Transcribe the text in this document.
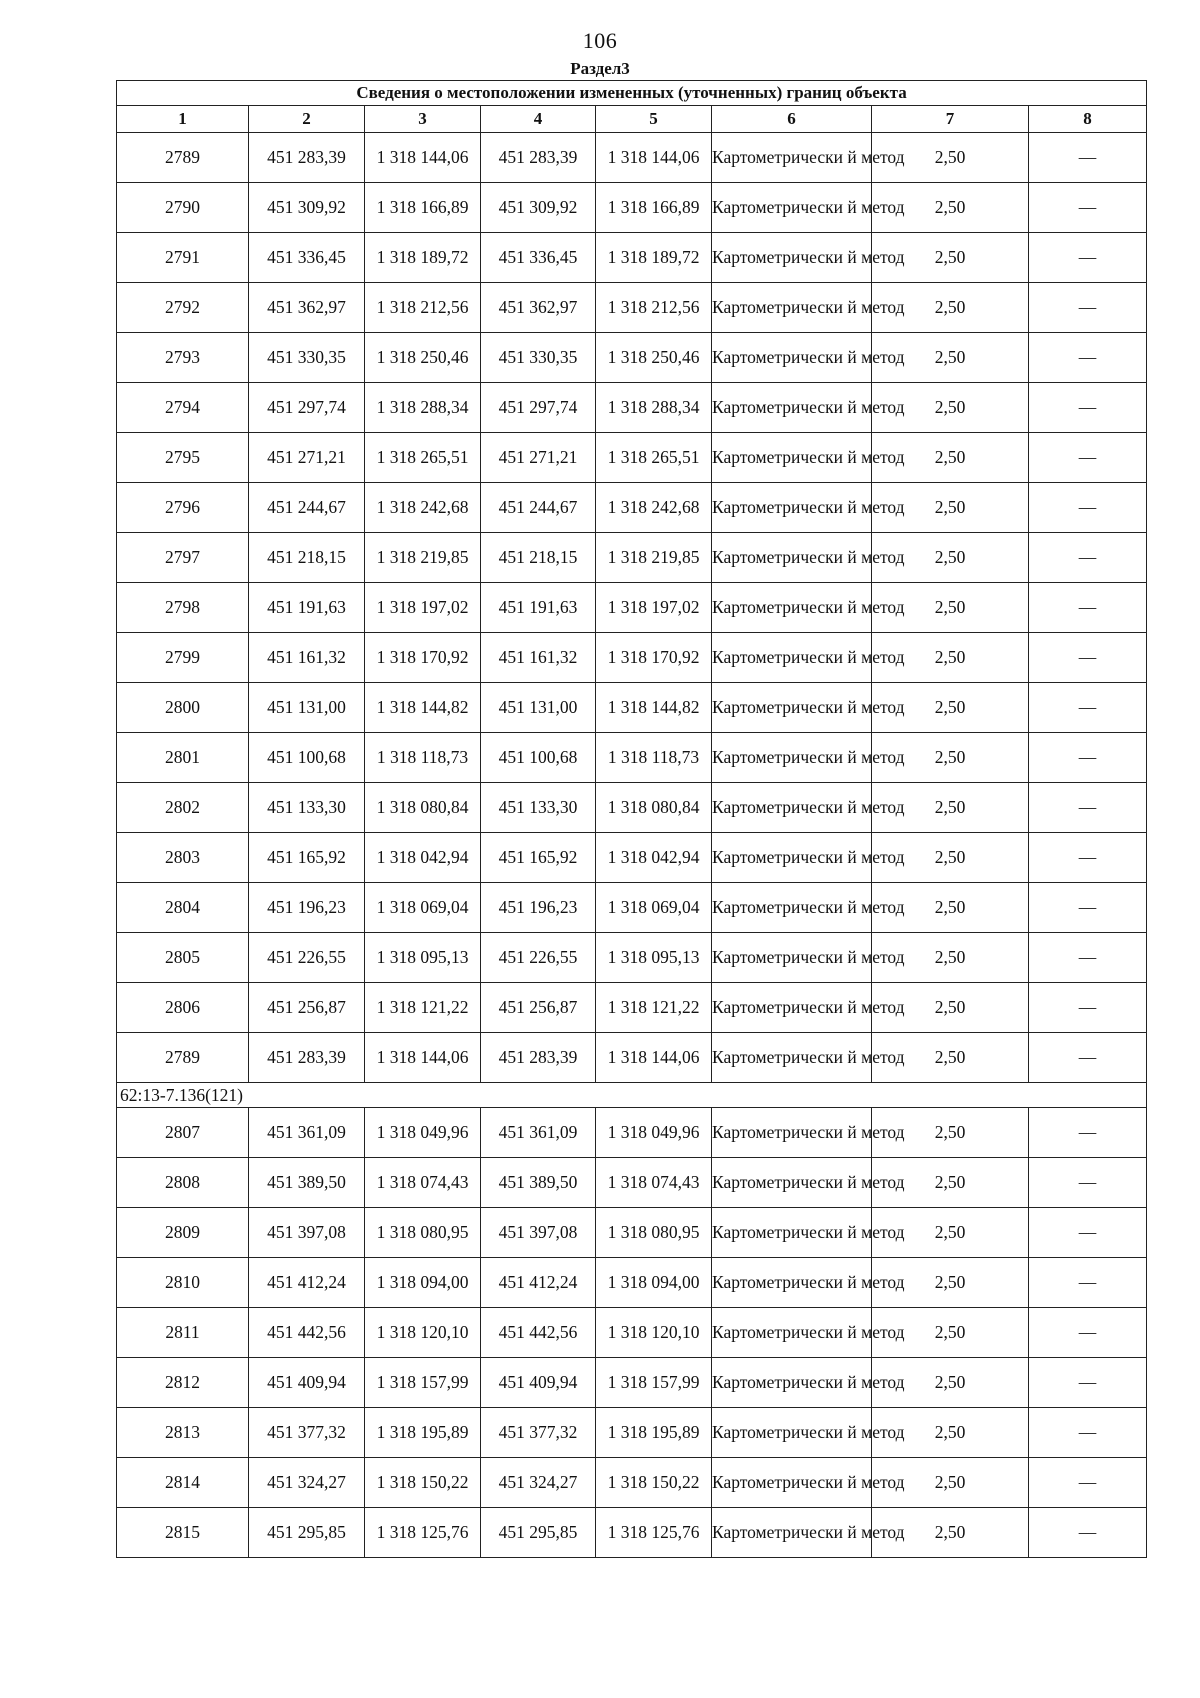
106
Раздел3
Сведения о местоположении измененных (уточненных) границ объекта							
1	2	3	4	5	6	7	8
2789	451 283,39	1 318 144,06	451 283,39	1 318 144,06	Картометрически й метод	2,50	—
2790	451 309,92	1 318 166,89	451 309,92	1 318 166,89	Картометрически й метод	2,50	—
2791	451 336,45	1 318 189,72	451 336,45	1 318 189,72	Картометрически й метод	2,50	—
2792	451 362,97	1 318 212,56	451 362,97	1 318 212,56	Картометрически й метод	2,50	—
2793	451 330,35	1 318 250,46	451 330,35	1 318 250,46	Картометрически й метод	2,50	—
2794	451 297,74	1 318 288,34	451 297,74	1 318 288,34	Картометрически й метод	2,50	—
2795	451 271,21	1 318 265,51	451 271,21	1 318 265,51	Картометрически й метод	2,50	—
2796	451 244,67	1 318 242,68	451 244,67	1 318 242,68	Картометрически й метод	2,50	—
2797	451 218,15	1 318 219,85	451 218,15	1 318 219,85	Картометрически й метод	2,50	—
2798	451 191,63	1 318 197,02	451 191,63	1 318 197,02	Картометрически й метод	2,50	—
2799	451 161,32	1 318 170,92	451 161,32	1 318 170,92	Картометрически й метод	2,50	—
2800	451 131,00	1 318 144,82	451 131,00	1 318 144,82	Картометрически й метод	2,50	—
2801	451 100,68	1 318 118,73	451 100,68	1 318 118,73	Картометрически й метод	2,50	—
2802	451 133,30	1 318 080,84	451 133,30	1 318 080,84	Картометрически й метод	2,50	—
2803	451 165,92	1 318 042,94	451 165,92	1 318 042,94	Картометрически й метод	2,50	—
2804	451 196,23	1 318 069,04	451 196,23	1 318 069,04	Картометрически й метод	2,50	—
2805	451 226,55	1 318 095,13	451 226,55	1 318 095,13	Картометрически й метод	2,50	—
2806	451 256,87	1 318 121,22	451 256,87	1 318 121,22	Картометрически й метод	2,50	—
2789	451 283,39	1 318 144,06	451 283,39	1 318 144,06	Картометрически й метод	2,50	—
62:13-7.136(121)							
2807	451 361,09	1 318 049,96	451 361,09	1 318 049,96	Картометрически й метод	2,50	—
2808	451 389,50	1 318 074,43	451 389,50	1 318 074,43	Картометрически й метод	2,50	—
2809	451 397,08	1 318 080,95	451 397,08	1 318 080,95	Картометрически й метод	2,50	—
2810	451 412,24	1 318 094,00	451 412,24	1 318 094,00	Картометрически й метод	2,50	—
2811	451 442,56	1 318 120,10	451 442,56	1 318 120,10	Картометрически й метод	2,50	—
2812	451 409,94	1 318 157,99	451 409,94	1 318 157,99	Картометрически й метод	2,50	—
2813	451 377,32	1 318 195,89	451 377,32	1 318 195,89	Картометрически й метод	2,50	—
2814	451 324,27	1 318 150,22	451 324,27	1 318 150,22	Картометрически й метод	2,50	—
2815	451 295,85	1 318 125,76	451 295,85	1 318 125,76	Картометрически й метод	2,50	—
